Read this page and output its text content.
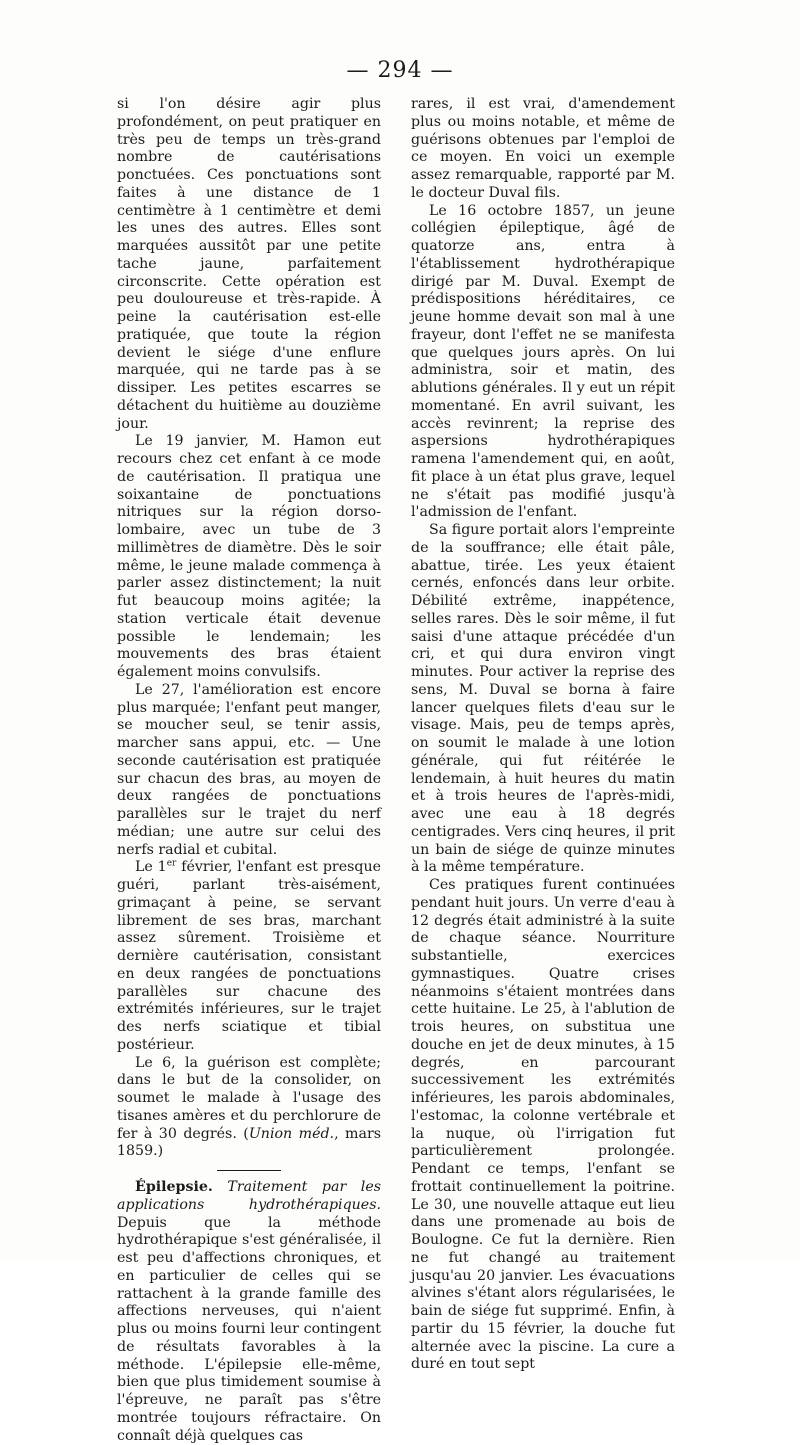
— 294 —

si l'on désire agir plus profondément, on peut pratiquer en très peu de temps un très-grand nombre de cautérisations ponctuées. Ces ponctuations sont faites à une distance de 1 centimètre à 1 centimètre et demi les unes des autres. Elles sont marquées aussitôt par une petite tache jaune, parfaitement circonscrite. Cette opération est peu douloureuse et très-rapide. À peine la cautérisation est-elle pratiquée, que toute la région devient le siége d'une enflure marquée, qui ne tarde pas à se dissiper. Les petites escarres se détachent du huitième au douzième jour.

Le 19 janvier, M. Hamon eut recours chez cet enfant à ce mode de cautérisation. Il pratiqua une soixantaine de ponctuations nitriques sur la région dorso-lombaire, avec un tube de 3 millimètres de diamètre. Dès le soir même, le jeune malade commença à parler assez distinctement; la nuit fut beaucoup moins agitée; la station verticale était devenue possible le lendemain; les mouvements des bras étaient également moins convulsifs.

Le 27, l'amélioration est encore plus marquée; l'enfant peut manger, se moucher seul, se tenir assis, marcher sans appui, etc. — Une seconde cautérisation est pratiquée sur chacun des bras, au moyen de deux rangées de ponctuations parallèles sur le trajet du nerf médian; une autre sur celui des nerfs radial et cubital.

Le 1er février, l'enfant est presque guéri, parlant très-aisément, grimaçant à peine, se servant librement de ses bras, marchant assez sûrement. Troisième et dernière cautérisation, consistant en deux rangées de ponctuations parallèles sur chacune des extrémités inférieures, sur le trajet des nerfs sciatique et tibial postérieur.

Le 6, la guérison est complète; dans le but de la consolider, on soumet le malade à l'usage des tisanes amères et du perchlorure de fer à 30 degrés. (Union méd., mars 1859.)

Épilepsie. Traitement par les applications hydrothérapiques. Depuis que la méthode hydrothérapique s'est généralisée, il est peu d'affections chroniques, et en particulier de celles qui se rattachent à la grande famille des affections nerveuses, qui n'aient plus ou moins fourni leur contingent de résultats favorables à la méthode. L'épilepsie elle-même, bien que plus timidement soumise à l'épreuve, ne paraît pas s'être montrée toujours réfractaire. On connaît déjà quelques cas

rares, il est vrai, d'amendement plus ou moins notable, et même de guérisons obtenues par l'emploi de ce moyen. En voici un exemple assez remarquable, rapporté par M. le docteur Duval fils.

Le 16 octobre 1857, un jeune collégien épileptique, âgé de quatorze ans, entra à l'établissement hydrothérapique dirigé par M. Duval. Exempt de prédispositions héréditaires, ce jeune homme devait son mal à une frayeur, dont l'effet ne se manifesta que quelques jours après. On lui administra, soir et matin, des ablutions générales. Il y eut un répit momentané. En avril suivant, les accès revinrent; la reprise des aspersions hydrothérapiques ramena l'amendement qui, en août, fit place à un état plus grave, lequel ne s'était pas modifié jusqu'à l'admission de l'enfant.

Sa figure portait alors l'empreinte de la souffrance; elle était pâle, abattue, tirée. Les yeux étaient cernés, enfoncés dans leur orbite. Débilité extrême, inappétence, selles rares. Dès le soir même, il fut saisi d'une attaque précédée d'un cri, et qui dura environ vingt minutes. Pour activer la reprise des sens, M. Duval se borna à faire lancer quelques filets d'eau sur le visage. Mais, peu de temps après, on soumit le malade à une lotion générale, qui fut réitérée le lendemain, à huit heures du matin et à trois heures de l'après-midi, avec une eau à 18 degrés centigrades. Vers cinq heures, il prit un bain de siége de quinze minutes à la même température.

Ces pratiques furent continuées pendant huit jours. Un verre d'eau à 12 degrés était administré à la suite de chaque séance. Nourriture substantielle, exercices gymnastiques. Quatre crises néanmoins s'étaient montrées dans cette huitaine. Le 25, à l'ablution de trois heures, on substitua une douche en jet de deux minutes, à 15 degrés, en parcourant successivement les extrémités inférieures, les parois abdominales, l'estomac, la colonne vertébrale et la nuque, où l'irrigation fut particulièrement prolongée. Pendant ce temps, l'enfant se frottait continuellement la poitrine. Le 30, une nouvelle attaque eut lieu dans une promenade au bois de Boulogne. Ce fut la dernière. Rien ne fut changé au traitement jusqu'au 20 janvier. Les évacuations alvines s'étant alors régularisées, le bain de siége fut supprimé. Enfin, à partir du 15 février, la douche fut alternée avec la piscine. La cure a duré en tout sept
